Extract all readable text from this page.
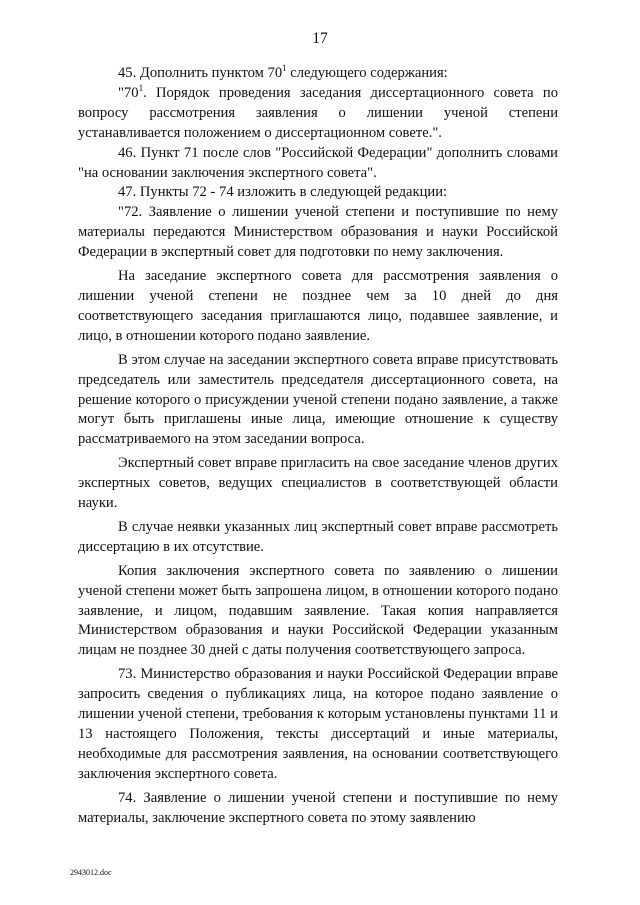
17

45. Дополнить пунктом $70^1$ следующего содержания:

"$70^1$. Порядок проведения заседания диссертационного совета по вопросу рассмотрения заявления о лишении ученой степени устанавливается положением о диссертационном совете.".

46. Пункт 71 после слов "Российской Федерации" дополнить словами "на основании заключения экспертного совета".

47. Пункты 72 - 74 изложить в следующей редакции:

"72. Заявление о лишении ученой степени и поступившие по нему материалы передаются Министерством образования и науки Российской Федерации в экспертный совет для подготовки по нему заключения.

На заседание экспертного совета для рассмотрения заявления о лишении ученой степени не позднее чем за 10 дней до дня соответствующего заседания приглашаются лицо, подавшее заявление, и лицо, в отношении которого подано заявление.

В этом случае на заседании экспертного совета вправе присутствовать председатель или заместитель председателя диссертационного совета, на решение которого о присуждении ученой степени подано заявление, а также могут быть приглашены иные лица, имеющие отношение к существу рассматриваемого на этом заседании вопроса.

Экспертный совет вправе пригласить на свое заседание членов других экспертных советов, ведущих специалистов в соответствующей области науки.

В случае неявки указанных лиц экспертный совет вправе рассмотреть диссертацию в их отсутствие.

Копия заключения экспертного совета по заявлению о лишении ученой степени может быть запрошена лицом, в отношении которого подано заявление, и лицом, подавшим заявление. Такая копия направляется Министерством образования и науки Российской Федерации указанным лицам не позднее 30 дней с даты получения соответствующего запроса.

73. Министерство образования и науки Российской Федерации вправе запросить сведения о публикациях лица, на которое подано заявление о лишении ученой степени, требования к которым установлены пунктами 11 и 13 настоящего Положения, тексты диссертаций и иные материалы, необходимые для рассмотрения заявления, на основании соответствующего заключения экспертного совета.

74. Заявление о лишении ученой степени и поступившие по нему материалы, заключение экспертного совета по этому заявлению

2943012.doc
